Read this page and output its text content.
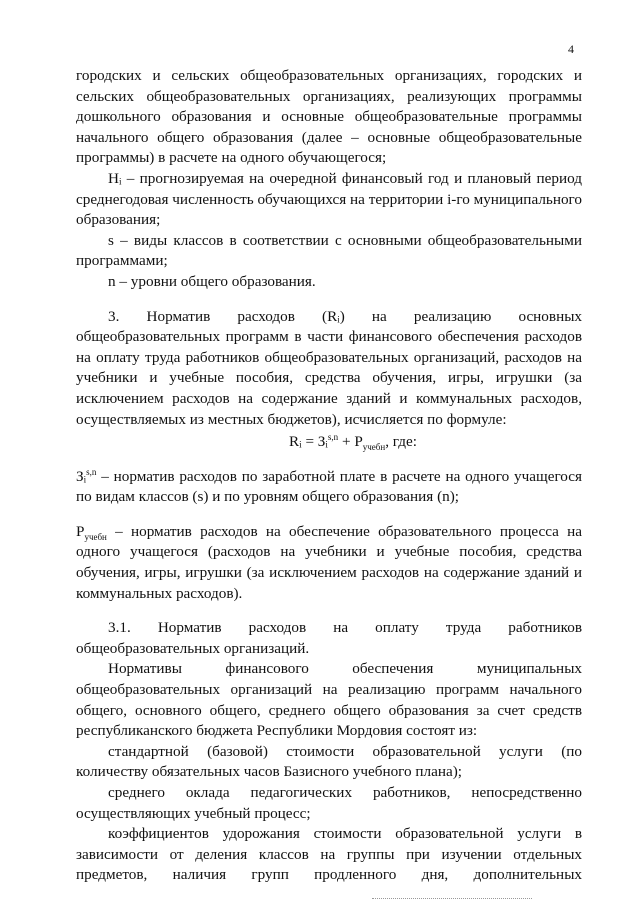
4

городских и сельских общеобразовательных организациях, городских и сельских общеобразовательных организациях, реализующих программы дошкольного образования и основные общеобразовательные программы начального общего образования (далее – основные общеобразовательные программы) в расчете на одного обучающегося;

Hᵢ – прогнозируемая на очередной финансовый год и плановый период среднегодовая численность обучающихся на территории i-го муниципального образования;

s – виды классов в соответствии с основными общеобразовательными программами;

n – уровни общего образования.

3. Норматив расходов (Rᵢ) на реализацию основных общеобразовательных программ в части финансового обеспечения расходов на оплату труда работников общеобразовательных организаций, расходов на учебники и учебные пособия, средства обучения, игры, игрушки (за исключением расходов на содержание зданий и коммунальных расходов, осуществляемых из местных бюджетов), исчисляется по формуле:

Rᵢ = Зᵢ$^{s,n}$ + $Р_{учебн}$, где:

Зᵢ$^{s,n}$ – норматив расходов по заработной плате в расчете на одного учащегося по видам классов (s) и по уровням общего образования (n);

$Р_{учебн}$ – норматив расходов на обеспечение образовательного процесса на одного учащегося (расходов на учебники и учебные пособия, средства обучения, игры, игрушки (за исключением расходов на содержание зданий и коммунальных расходов).

3.1. Норматив расходов на оплату труда работников общеобразовательных организаций.

Нормативы финансового обеспечения муниципальных общеобразовательных организаций на реализацию программ начального общего, основного общего, среднего общего образования за счет средств республиканского бюджета Республики Мордовия состоят из:

стандартной (базовой) стоимости образовательной услуги (по количеству обязательных часов Базисного учебного плана);

среднего оклада педагогических работников, непосредственно осуществляющих учебный процесс;

коэффициентов удорожания стоимости образовательной услуги в зависимости от деления классов на группы при изучении отдельных предметов, наличия групп продленного дня, дополнительных
